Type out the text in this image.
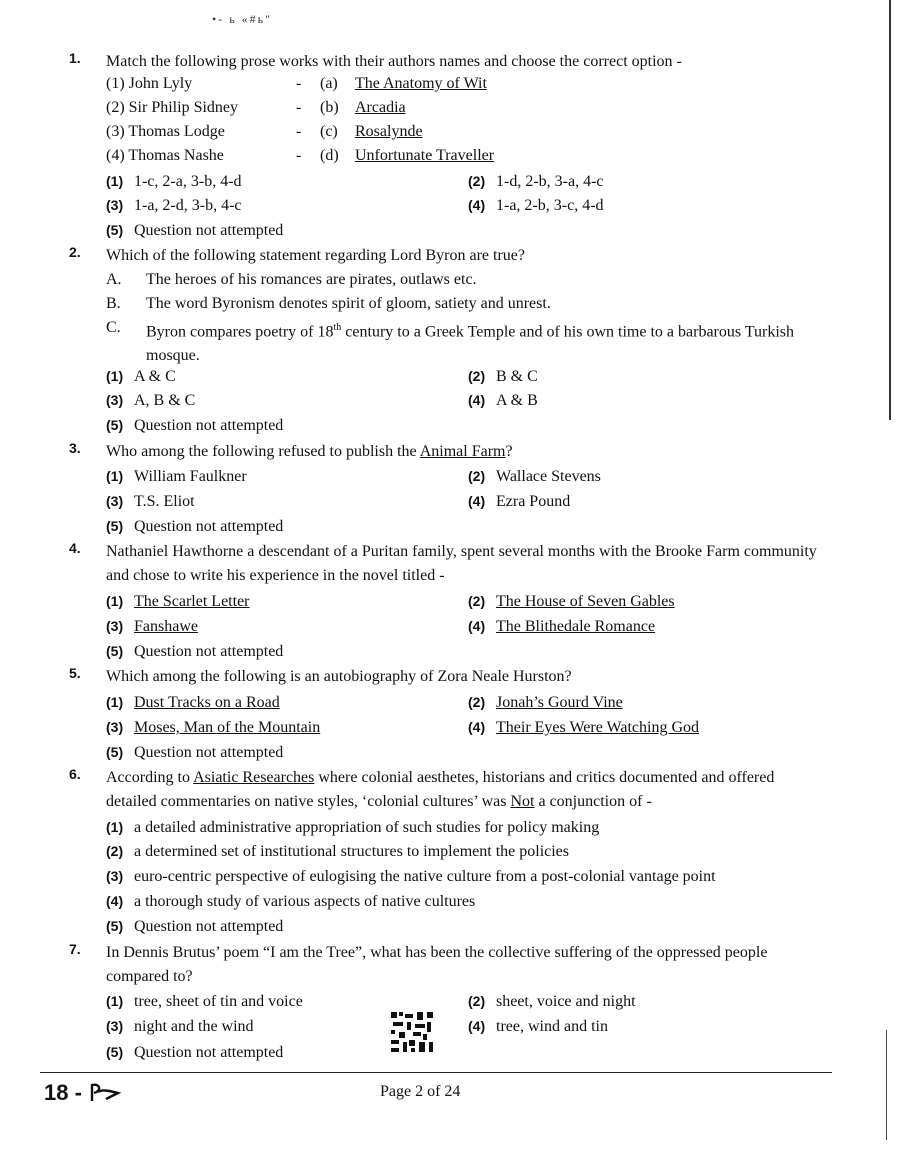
•- ь «#ь"
1. Match the following prose works with their authors names and choose the correct option -
(1) John Lyly	- (a) The Anatomy of Wit
(2) Sir Philip Sidney	- (b) Arcadia
(3) Thomas Lodge	- (c) Rosalynde
(4) Thomas Nashe	- (d) Unfortunate Traveller
(1) 1-c, 2-a, 3-b, 4-d	(2) 1-d, 2-b, 3-a, 4-c
(3) 1-a, 2-d, 3-b, 4-c	(4) 1-a, 2-b, 3-c, 4-d
(5) Question not attempted
2. Which of the following statement regarding Lord Byron are true?
A. The heroes of his romances are pirates, outlaws etc.
B. The word Byronism denotes spirit of gloom, satiety and unrest.
C. Byron compares poetry of 18th century to a Greek Temple and of his own time to a barbarous Turkish mosque.
(1) A & C	(2) B & C
(3) A, B & C	(4) A & B
(5) Question not attempted
3. Who among the following refused to publish the Animal Farm?
(1) William Faulkner	(2) Wallace Stevens
(3) T.S. Eliot	(4) Ezra Pound
(5) Question not attempted
4. Nathaniel Hawthorne a descendant of a Puritan family, spent several months with the Brooke Farm community and chose to write his experience in the novel titled -
(1) The Scarlet Letter	(2) The House of Seven Gables
(3) Fanshawe	(4) The Blithedale Romance
(5) Question not attempted
5. Which among the following is an autobiography of Zora Neale Hurston?
(1) Dust Tracks on a Road	(2) Jonah’s Gourd Vine
(3) Moses, Man of the Mountain	(4) Their Eyes Were Watching God
(5) Question not attempted
6. According to Asiatic Researches where colonial aesthetes, historians and critics documented and offered detailed commentaries on native styles, ‘colonial cultures’ was Not a conjunction of -
(1) a detailed administrative appropriation of such studies for policy making
(2) a determined set of institutional structures to implement the policies
(3) euro-centric perspective of eulogising the native culture from a post-colonial vantage point
(4) a thorough study of various aspects of native cultures
(5) Question not attempted
7. In Dennis Brutus’ poem “I am the Tree”, what has been the collective suffering of the oppressed people compared to?
(1) tree, sheet of tin and voice	(2) sheet, voice and night
(3) night and the wind	(4) tree, wind and tin
(5) Question not attempted
18 -	Page 2 of 24
